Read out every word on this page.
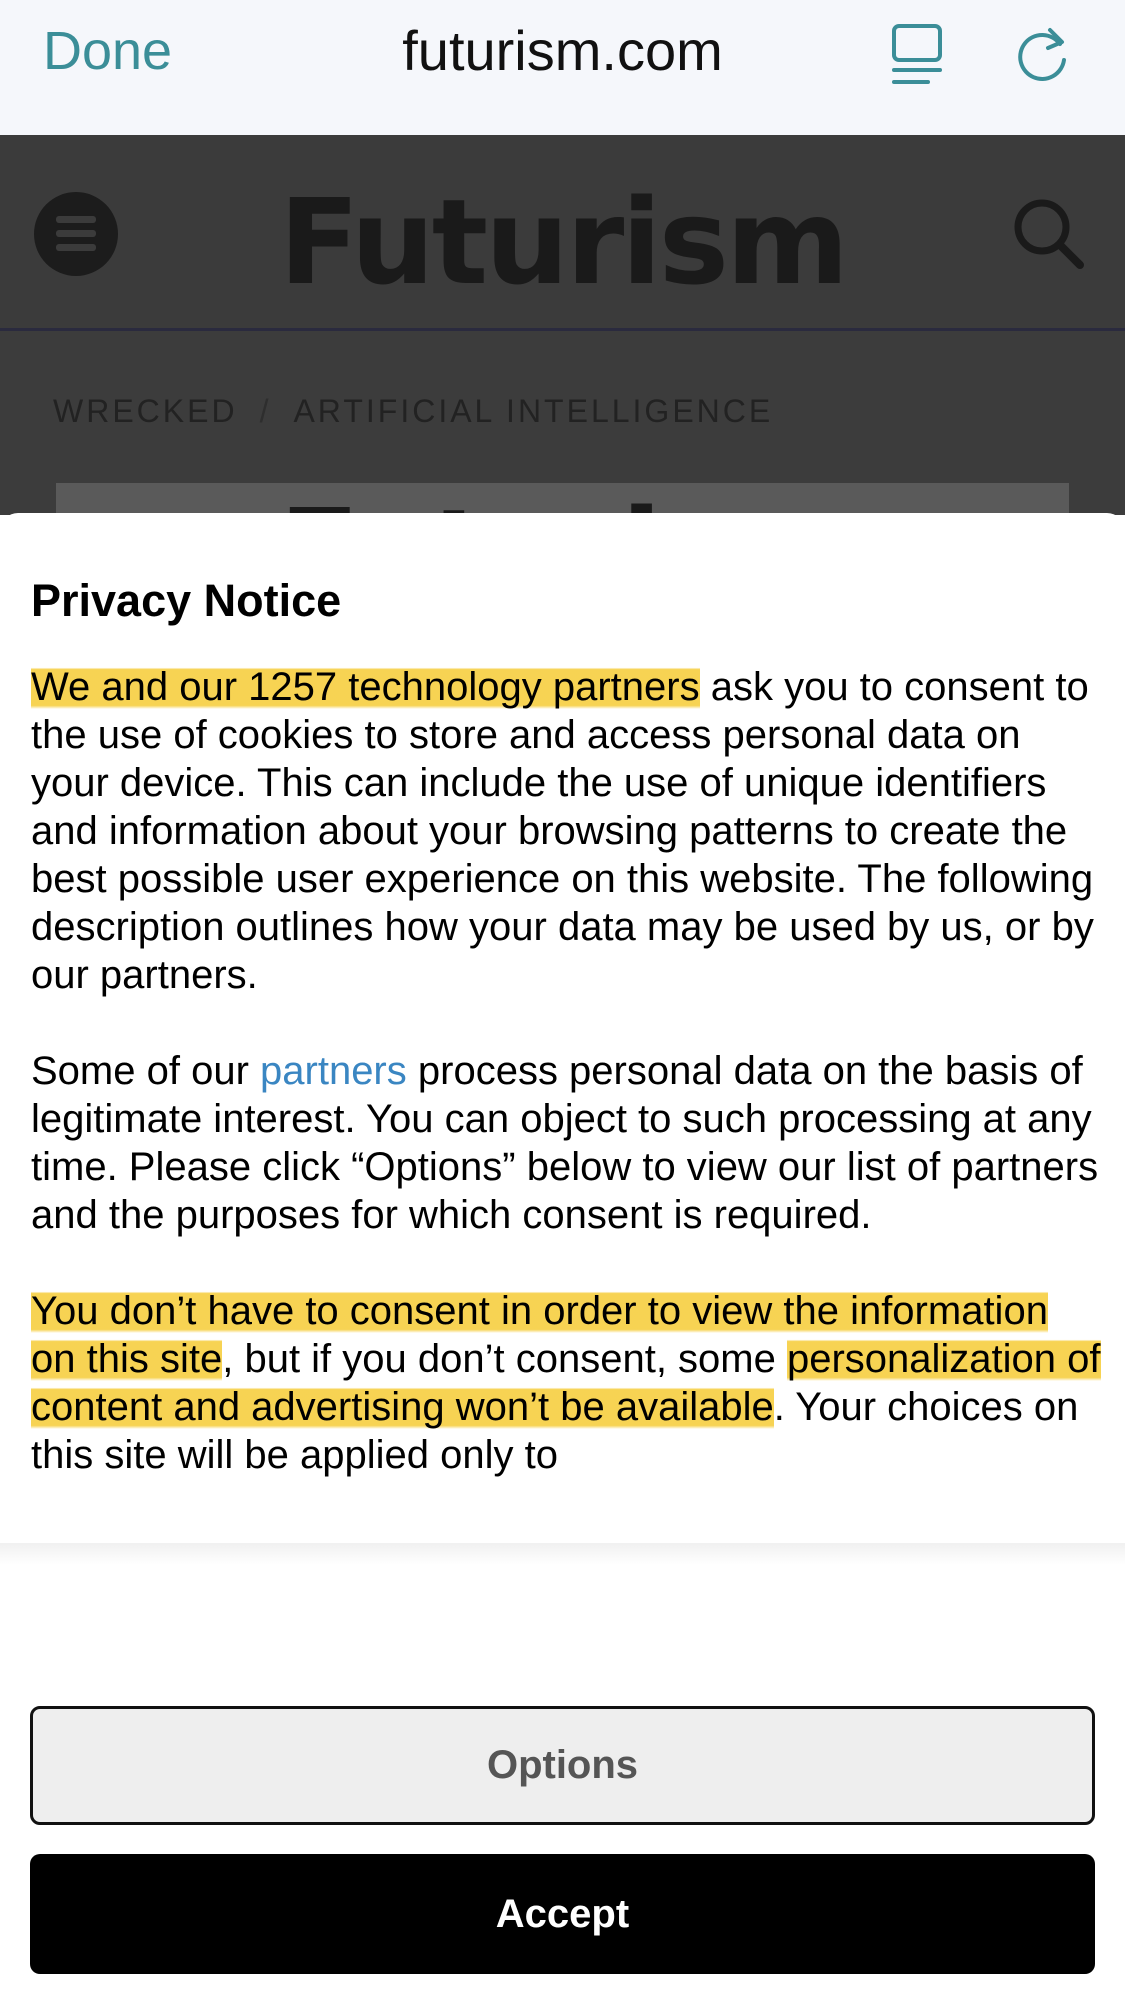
Done	futurism.com
Futurism
WRECKED / ARTIFICIAL INTELLIGENCE
Privacy Notice

We and our 1257 technology partners ask you to consent to the use of cookies to store and access personal data on your device. This can include the use of unique identifiers and information about your browsing patterns to create the best possible user experience on this website. The following description outlines how your data may be used by us, or by our partners.

Some of our partners process personal data on the basis of legitimate interest. You can object to such processing at any time. Please click “Options” below to view our list of partners and the purposes for which consent is required.

You don’t have to consent in order to view the information on this site, but if you don’t consent, some personalization of content and advertising won’t be available. Your choices on this site will be applied only to

Options
Accept
